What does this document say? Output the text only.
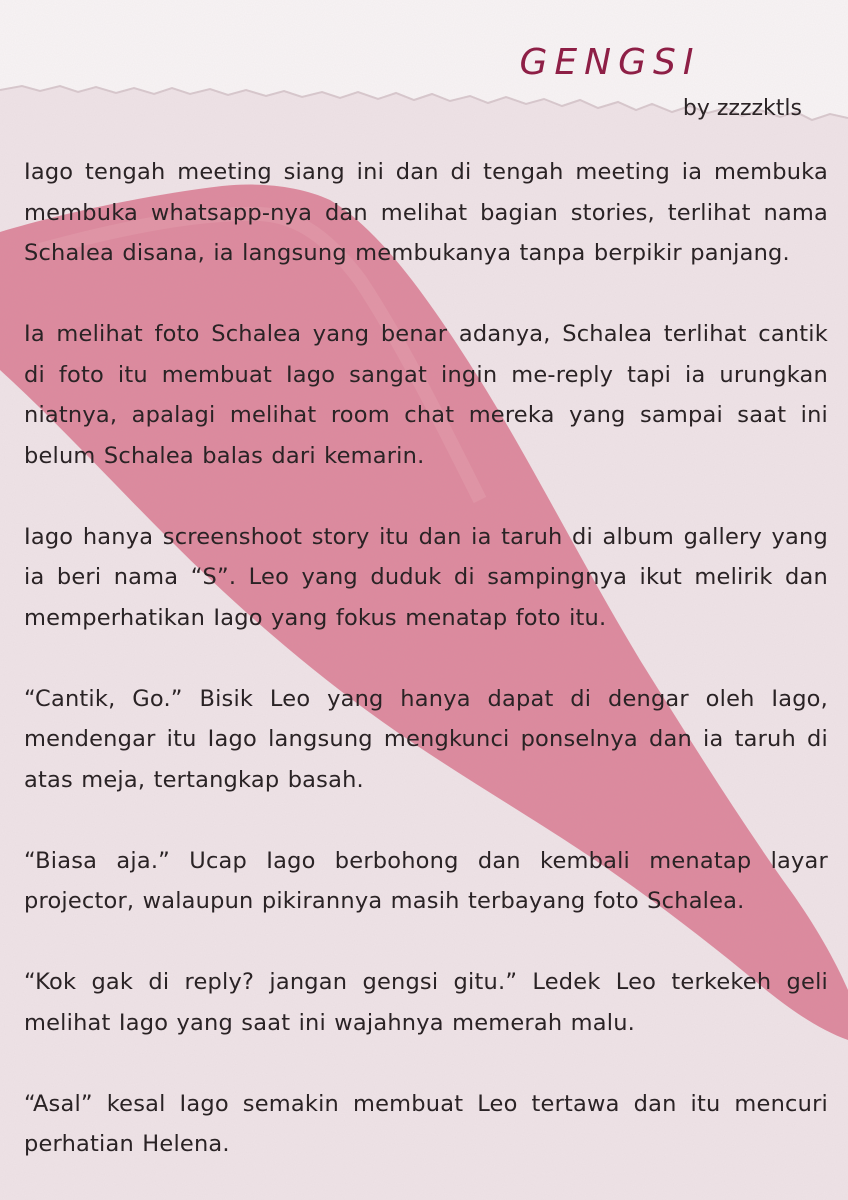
GENGSI
by zzzzktls

Iago tengah meeting siang ini dan di tengah meeting ia membuka membuka whatsapp-nya dan melihat bagian stories, terlihat nama Schalea disana, ia langsung membukanya tanpa berpikir panjang.

Ia melihat foto Schalea yang benar adanya, Schalea terlihat cantik di foto itu membuat Iago sangat ingin me-reply tapi ia urungkan niatnya, apalagi melihat room chat mereka yang sampai saat ini belum Schalea balas dari kemarin.

Iago hanya screenshoot story itu dan ia taruh di album gallery yang ia beri nama “S”. Leo yang duduk di sampingnya ikut melirik dan memperhatikan Iago yang fokus menatap foto itu.

“Cantik, Go.” Bisik Leo yang hanya dapat di dengar oleh Iago, mendengar itu Iago langsung mengkunci ponselnya dan ia taruh di atas meja, tertangkap basah.

“Biasa aja.” Ucap Iago berbohong dan kembali menatap layar projector, walaupun pikirannya masih terbayang foto Schalea.

“Kok gak di reply? jangan gengsi gitu.” Ledek Leo terkekeh geli melihat Iago yang saat ini wajahnya memerah malu.

“Asal” kesal Iago semakin membuat Leo tertawa dan itu mencuri perhatian Helena.
